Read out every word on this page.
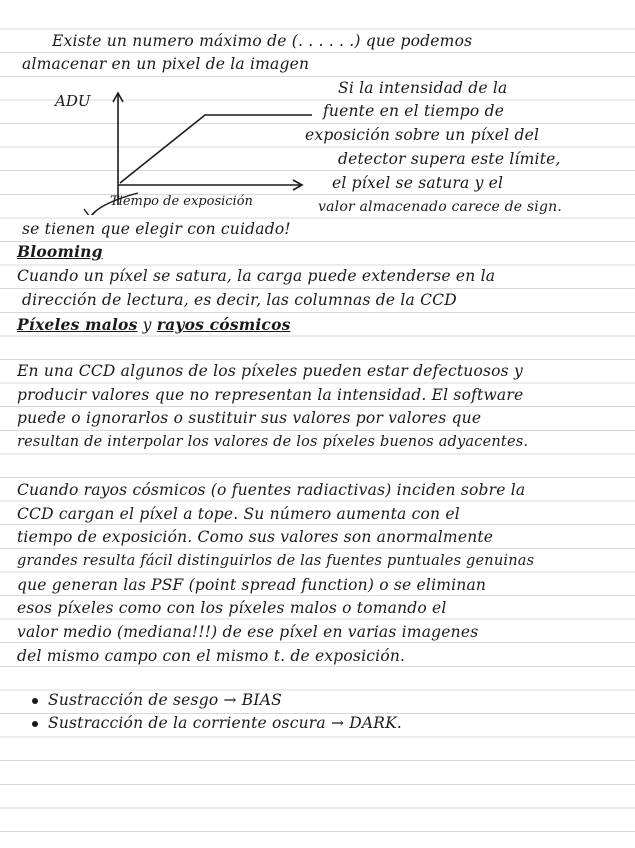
Existe un numero máximo de (. . . . . .) que podemos
almacenar en un pixel de la imagen
ADU
Tiempo de exposición
Si la intensidad de la
fuente en el tiempo de
exposición sobre un píxel del
detector supera este límite,
el píxel se satura y el
valor almacenado carece de sign.
se tienen que elegir con cuidado!
Blooming
Cuando un píxel se satura, la carga puede extenderse en la
dirección de lectura, es decir, las columnas de la CCD
Píxeles malos y rayos cósmicos
En una CCD algunos de los píxeles pueden estar defectuosos y
producir valores que no representan la intensidad. El software
puede o ignorarlos o sustituir sus valores por valores que
resultan de interpolar los valores de los píxeles buenos adyacentes.
Cuando rayos cósmicos (o fuentes radiactivas) inciden sobre la
CCD cargan el píxel a tope. Su número aumenta con el
tiempo de exposición. Como sus valores son anormalmente
grandes resulta fácil distinguirlos de las fuentes puntuales genuinas
que generan las PSF (point spread function) o se eliminan
esos píxeles como con los píxeles malos o tomando el
valor medio (mediana!!!) de ese píxel en varias imagenes
del mismo campo con el mismo t. de exposición.
Sustracción de sesgo → BIAS
Sustracción de la corriente oscura → DARK.
